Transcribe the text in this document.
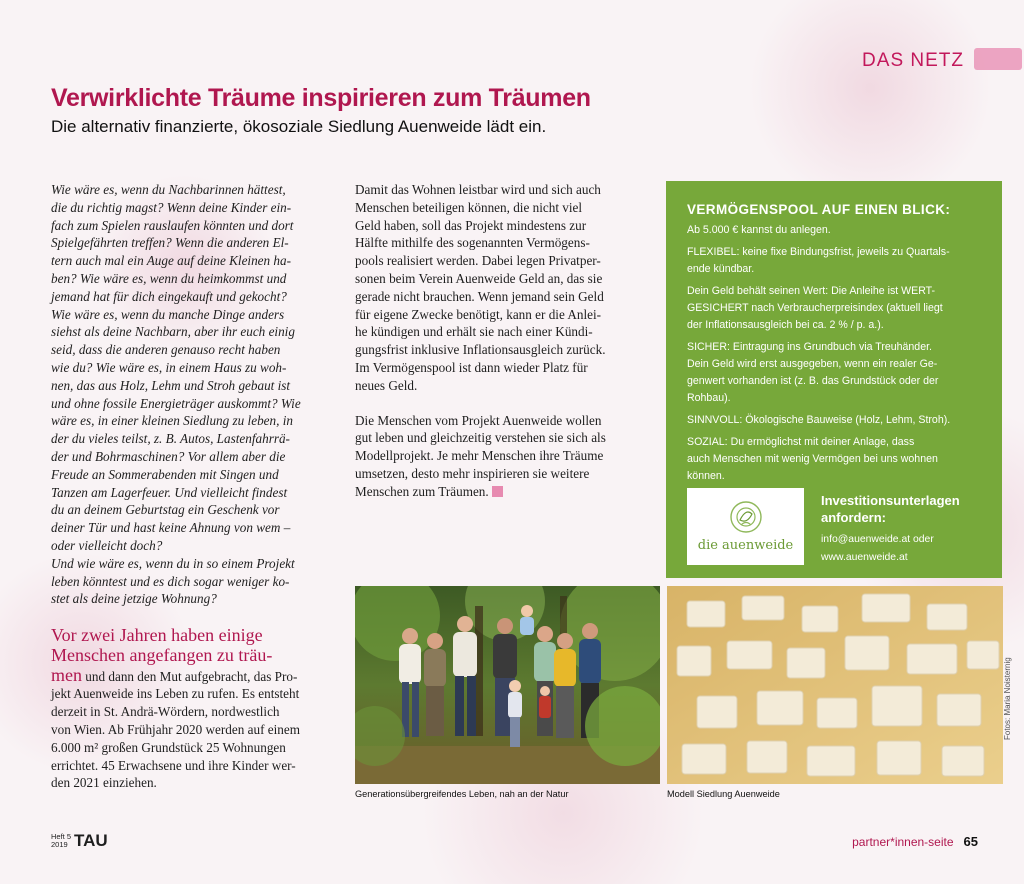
DAS NETZ
Verwirklichte Träume inspirieren zum Träumen
Die alternativ finanzierte, ökosoziale Siedlung Auenweide lädt ein.

Wie wäre es, wenn du Nachbarinnen hättest,
die du richtig magst? Wenn deine Kinder ein-
fach zum Spielen rauslaufen könnten und dort
Spielgefährten treffen? Wenn die anderen El-
tern auch mal ein Auge auf deine Kleinen ha-
ben? Wie wäre es, wenn du heimkommst und
jemand hat für dich eingekauft und gekocht?
Wie wäre es, wenn du manche Dinge anders
siehst als deine Nachbarn, aber ihr euch einig
seid, dass die anderen genauso recht haben
wie du? Wie wäre es, in einem Haus zu woh-
nen, das aus Holz, Lehm und Stroh gebaut ist
und ohne fossile Energieträger auskommt? Wie
wäre es, in einer kleinen Siedlung zu leben, in
der du vieles teilst, z. B. Autos, Lastenfahrrä-
der und Bohrmaschinen? Vor allem aber die
Freude an Sommerabenden mit Singen und
Tanzen am Lagerfeuer. Und vielleicht findest
du an deinem Geburtstag ein Geschenk vor
deiner Tür und hast keine Ahnung von wem –
oder vielleicht doch?
Und wie wäre es, wenn du in so einem Projekt
leben könntest und es dich sogar weniger ko-
stet als deine jetzige Wohnung?

Vor zwei Jahren haben einige
Menschen angefangen zu träu-
men und dann den Mut aufgebracht, das Pro-
jekt Auenweide ins Leben zu rufen. Es entsteht
derzeit in St. Andrä-Wördern, nordwestlich
von Wien. Ab Frühjahr 2020 werden auf einem
6.000 m² großen Grundstück 25 Wohnungen
errichtet. 45 Erwachsene und ihre Kinder wer-
den 2021 einziehen.

Damit das Wohnen leistbar wird und sich auch
Menschen beteiligen können, die nicht viel
Geld haben, soll das Projekt mindestens zur
Hälfte mithilfe des sogenannten Vermögens-
pools realisiert werden. Dabei legen Privatper-
sonen beim Verein Auenweide Geld an, das sie
gerade nicht brauchen. Wenn jemand sein Geld
für eigene Zwecke benötigt, kann er die Anlei-
he kündigen und erhält sie nach einer Kündi-
gungsfrist inklusive Inflationsausgleich zurück.
Im Vermögenspool ist dann wieder Platz für
neues Geld.

Die Menschen vom Projekt Auenweide wollen
gut leben und gleichzeitig verstehen sie sich als
Modellprojekt. Je mehr Menschen ihre Träume
umsetzen, desto mehr inspirieren sie weitere
Menschen zum Träumen.

VERMÖGENSPOOL AUF EINEN BLICK:
Ab 5.000 € kannst du anlegen.
FLEXIBEL: keine fixe Bindungsfrist, jeweils zu Quartals-
ende kündbar.
Dein Geld behält seinen Wert: Die Anleihe ist WERT-
GESICHERT nach Verbraucherpreisindex (aktuell liegt
der Inflationsausgleich bei ca. 2 % / p. a.).
SICHER: Eintragung ins Grundbuch via Treuhänder.
Dein Geld wird erst ausgegeben, wenn ein realer Ge-
genwert vorhanden ist (z. B. das Grundstück oder der
Rohbau).
SINNVOLL: Ökologische Bauweise (Holz, Lehm, Stroh).
SOZIAL: Du ermöglichst mit deiner Anlage, dass
auch Menschen mit wenig Vermögen bei uns wohnen
können.
die auenweide
Investitionsunterlagen
anfordern:
info@auenweide.at oder
www.auenweide.at
Fotos: Maria Noisternig
Generationsübergreifendes Leben, nah an der Natur	Modell Siedlung Auenweide
Heft 5
2019 TAU	partner*innen-seite 65
